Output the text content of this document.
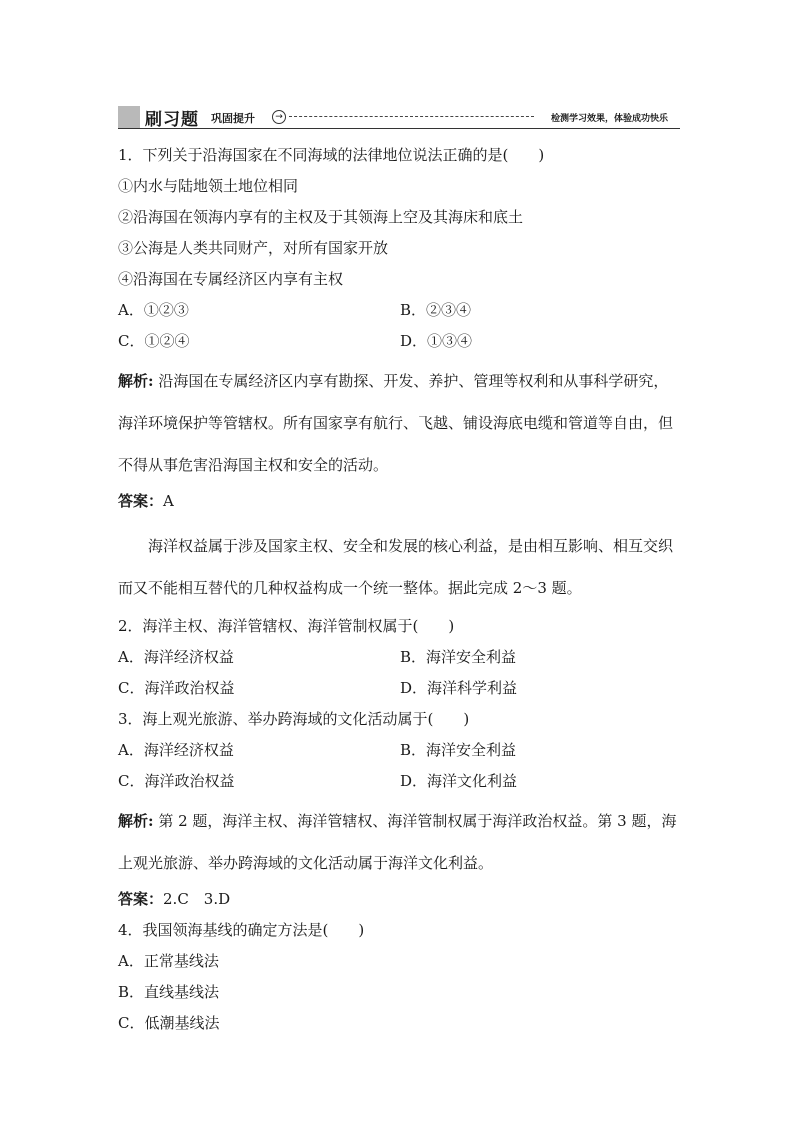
刷习题 巩固提升	→	检测学习效果，体验成功快乐
1．下列关于沿海国家在不同海域的法律地位说法正确的是(　　)
①内水与陆地领土地位相同
②沿海国在领海内享有的主权及于其领海上空及其海床和底土
③公海是人类共同财产，对所有国家开放
④沿海国在专属经济区内享有主权
A．①②③	B．②③④
C．①②④	D．①③④
解析: 沿海国在专属经济区内享有勘探、开发、养护、管理等权利和从事科学研究，海洋环境保护等管辖权。所有国家享有航行、飞越、铺设海底电缆和管道等自由，但不得从事危害沿海国主权和安全的活动。
答案：A
海洋权益属于涉及国家主权、安全和发展的核心利益，是由相互影响、相互交织而又不能相互替代的几种权益构成一个统一整体。据此完成 2～3 题。
2．海洋主权、海洋管辖权、海洋管制权属于(　　)
A．海洋经济权益	B．海洋安全利益
C．海洋政治权益	D．海洋科学利益
3．海上观光旅游、举办跨海域的文化活动属于(　　)
A．海洋经济权益	B．海洋安全利益
C．海洋政治权益	D．海洋文化利益
解析: 第 2 题，海洋主权、海洋管辖权、海洋管制权属于海洋政治权益。第 3 题，海上观光旅游、举办跨海域的文化活动属于海洋文化利益。
答案：2.C　3.D
4．我国领海基线的确定方法是(　　)
A．正常基线法
B．直线基线法
C．低潮基线法
